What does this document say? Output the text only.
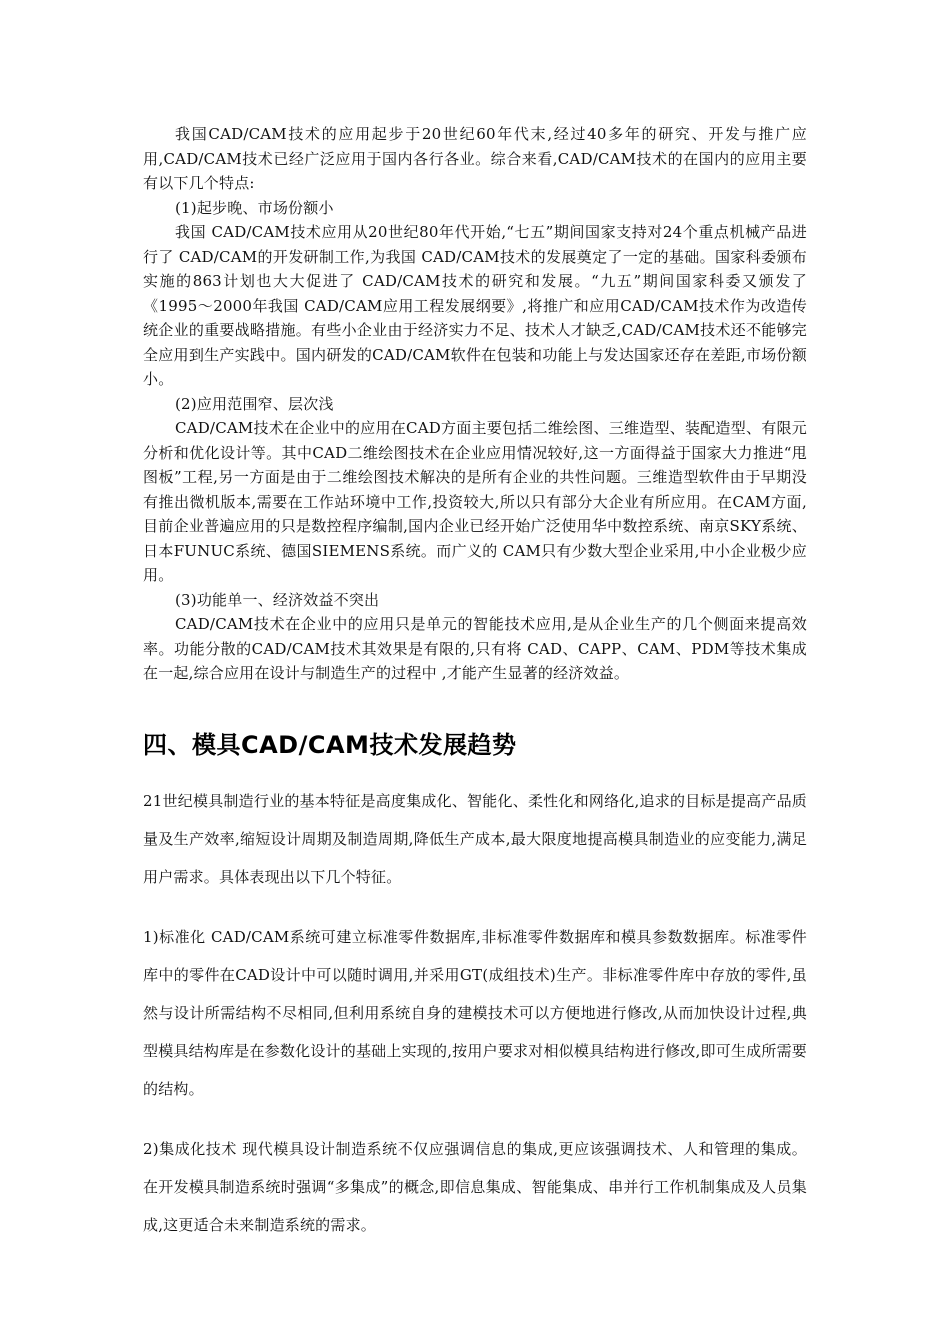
我国CAD/CAM技术的应用起步于20世纪60年代末,经过40多年的研究、开发与推广应用,CAD/CAM技术已经广泛应用于国内各行各业。综合来看,CAD/CAM技术的在国内的应用主要有以下几个特点:

(1)起步晚、市场份额小

我国 CAD/CAM技术应用从20世纪80年代开始,“七五”期间国家支持对24个重点机械产品进行了 CAD/CAM的开发研制工作,为我国 CAD/CAM技术的发展奠定了一定的基础。国家科委颁布实施的863计划也大大促进了 CAD/CAM技术的研究和发展。“九五”期间国家科委又颁发了《1995～2000年我国 CAD/CAM应用工程发展纲要》,将推广和应用CAD/CAM技术作为改造传统企业的重要战略措施。有些小企业由于经济实力不足、技术人才缺乏,CAD/CAM技术还不能够完全应用到生产实践中。国内研发的CAD/CAM软件在包装和功能上与发达国家还存在差距,市场份额小。

(2)应用范围窄、层次浅

CAD/CAM技术在企业中的应用在CAD方面主要包括二维绘图、三维造型、装配造型、有限元分析和优化设计等。其中CAD二维绘图技术在企业应用情况较好,这一方面得益于国家大力推进“甩图板”工程,另一方面是由于二维绘图技术解决的是所有企业的共性问题。三维造型软件由于早期没有推出微机版本,需要在工作站环境中工作,投资较大,所以只有部分大企业有所应用。在CAM方面,目前企业普遍应用的只是数控程序编制,国内企业已经开始广泛使用华中数控系统、南京SKY系统、日本FUNUC系统、德国SIEMENS系统。而广义的 CAM只有少数大型企业采用,中小企业极少应用。

(3)功能单一、经济效益不突出

CAD/CAM技术在企业中的应用只是单元的智能技术应用,是从企业生产的几个侧面来提高效率。功能分散的CAD/CAM技术其效果是有限的,只有将 CAD、CAPP、CAM、PDM等技术集成在一起,综合应用在设计与制造生产的过程中 ,才能产生显著的经济效益。

四、模具CAD/CAM技术发展趋势

21世纪模具制造行业的基本特征是高度集成化、智能化、柔性化和网络化,追求的目标是提高产品质量及生产效率,缩短设计周期及制造周期,降低生产成本,最大限度地提高模具制造业的应变能力,满足用户需求。具体表现出以下几个特征。

1)标准化 CAD/CAM系统可建立标准零件数据库,非标准零件数据库和模具参数数据库。标准零件库中的零件在CAD设计中可以随时调用,并采用GT(成组技术)生产。非标准零件库中存放的零件,虽然与设计所需结构不尽相同,但利用系统自身的建模技术可以方便地进行修改,从而加快设计过程,典型模具结构库是在参数化设计的基础上实现的,按用户要求对相似模具结构进行修改,即可生成所需要的结构。

2)集成化技术 现代模具设计制造系统不仅应强调信息的集成,更应该强调技术、人和管理的集成。在开发模具制造系统时强调“多集成”的概念,即信息集成、智能集成、串并行工作机制集成及人员集成,这更适合未来制造系统的需求。
